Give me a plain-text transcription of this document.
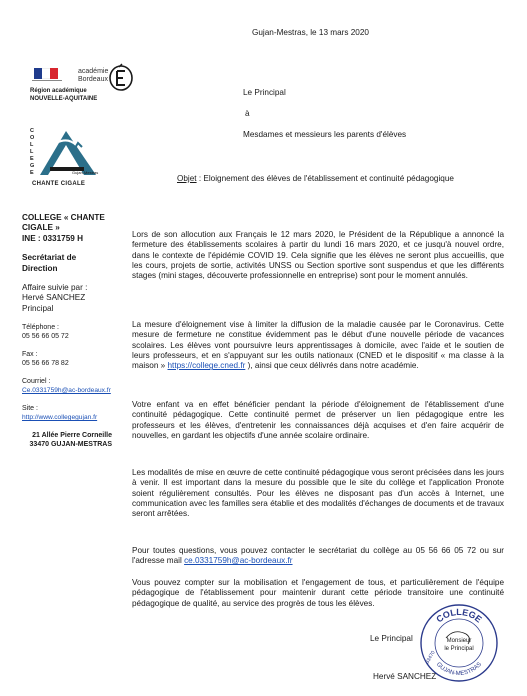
Gujan-Mestras, le 13 mars 2020
Région académique
NOUVELLE-AQUITAINE
académie
Bordeaux
Le Principal
à
Mesdames et messieurs les parents d'élèves
C
O
L
L
E
G
E	Gujan-Mestras
CHANTE CIGALE
Objet : Eloignement des élèves de l'établissement et continuité pédagogique
COLLEGE « CHANTE
CIGALE »
INE : 0331759 H
Secrétariat de
Direction
Affaire suivie par :
Hervé SANCHEZ
Principal
Téléphone :
05 56 66 05 72
Fax :
05 56 66 78 82
Courriel :
Ce.0331759h@ac-bordeaux.fr
Site :
http://www.collegegujan.fr
21 Allée Pierre Corneille
33470 GUJAN-MESTRAS
Lors de son allocution aux Français le 12 mars 2020, le Président de la République a annoncé la fermeture des établissements scolaires à partir du lundi 16 mars 2020, et ce jusqu'à nouvel ordre, dans le contexte de l'épidémie COVID 19. Cela signifie que les élèves ne seront plus accueillis, que les cours, projets de sortie, activités UNSS ou Section sportive sont suspendus et que les différents stages (mini stages, découverte professionnelle en entreprise) sont pour le moment annulés.
La mesure d'éloignement vise à limiter la diffusion de la maladie causée par le Coronavirus. Cette mesure de fermeture ne constitue évidemment pas le début d'une nouvelle période de vacances scolaires. Les élèves vont poursuivre leurs apprentissages à domicile, avec l'aide et le soutien de leurs professeurs, et en s'appuyant sur les outils nationaux (CNED et le dispositif « ma classe à la maison » https://college.cned.fr ), ainsi que ceux délivrés dans notre académie.
Votre enfant va en effet bénéficier pendant la période d'éloignement de l'établissement d'une continuité pédagogique. Cette continuité permet de préserver un lien pédagogique entre les professeurs et les élèves, d'entretenir les connaissances déjà acquises et d'en faire acquérir de nouvelles, en gardant les objectifs d'une année scolaire ordinaire.
Les modalités de mise en œuvre de cette continuité pédagogique vous seront précisées dans les jours à venir. Il est important dans la mesure du possible que le site du collège et l'application Pronote soient régulièrement consultés. Pour les élèves ne disposant pas d'un accès à Internet, une communication avec les familles sera établie et des modalités d'échanges de documents et de travaux seront arrêtées.
Pour toutes questions, vous pouvez contacter le secrétariat du collège au 05 56 66 05 72 ou sur l'adresse mail ce.0331759h@ac-bordeaux.fr
Vous pouvez compter sur la mobilisation et l'engagement de tous, et particulièrement de l'équipe pédagogique de l'établissement pour maintenir durant cette période transitoire une continuité pédagogique de qualité, au service des progrès de tous les élèves.
Le Principal
Hervé SANCHEZ
COLLEGE
GUJAN-MESTRAS
Monsieur
le Principal
33470
